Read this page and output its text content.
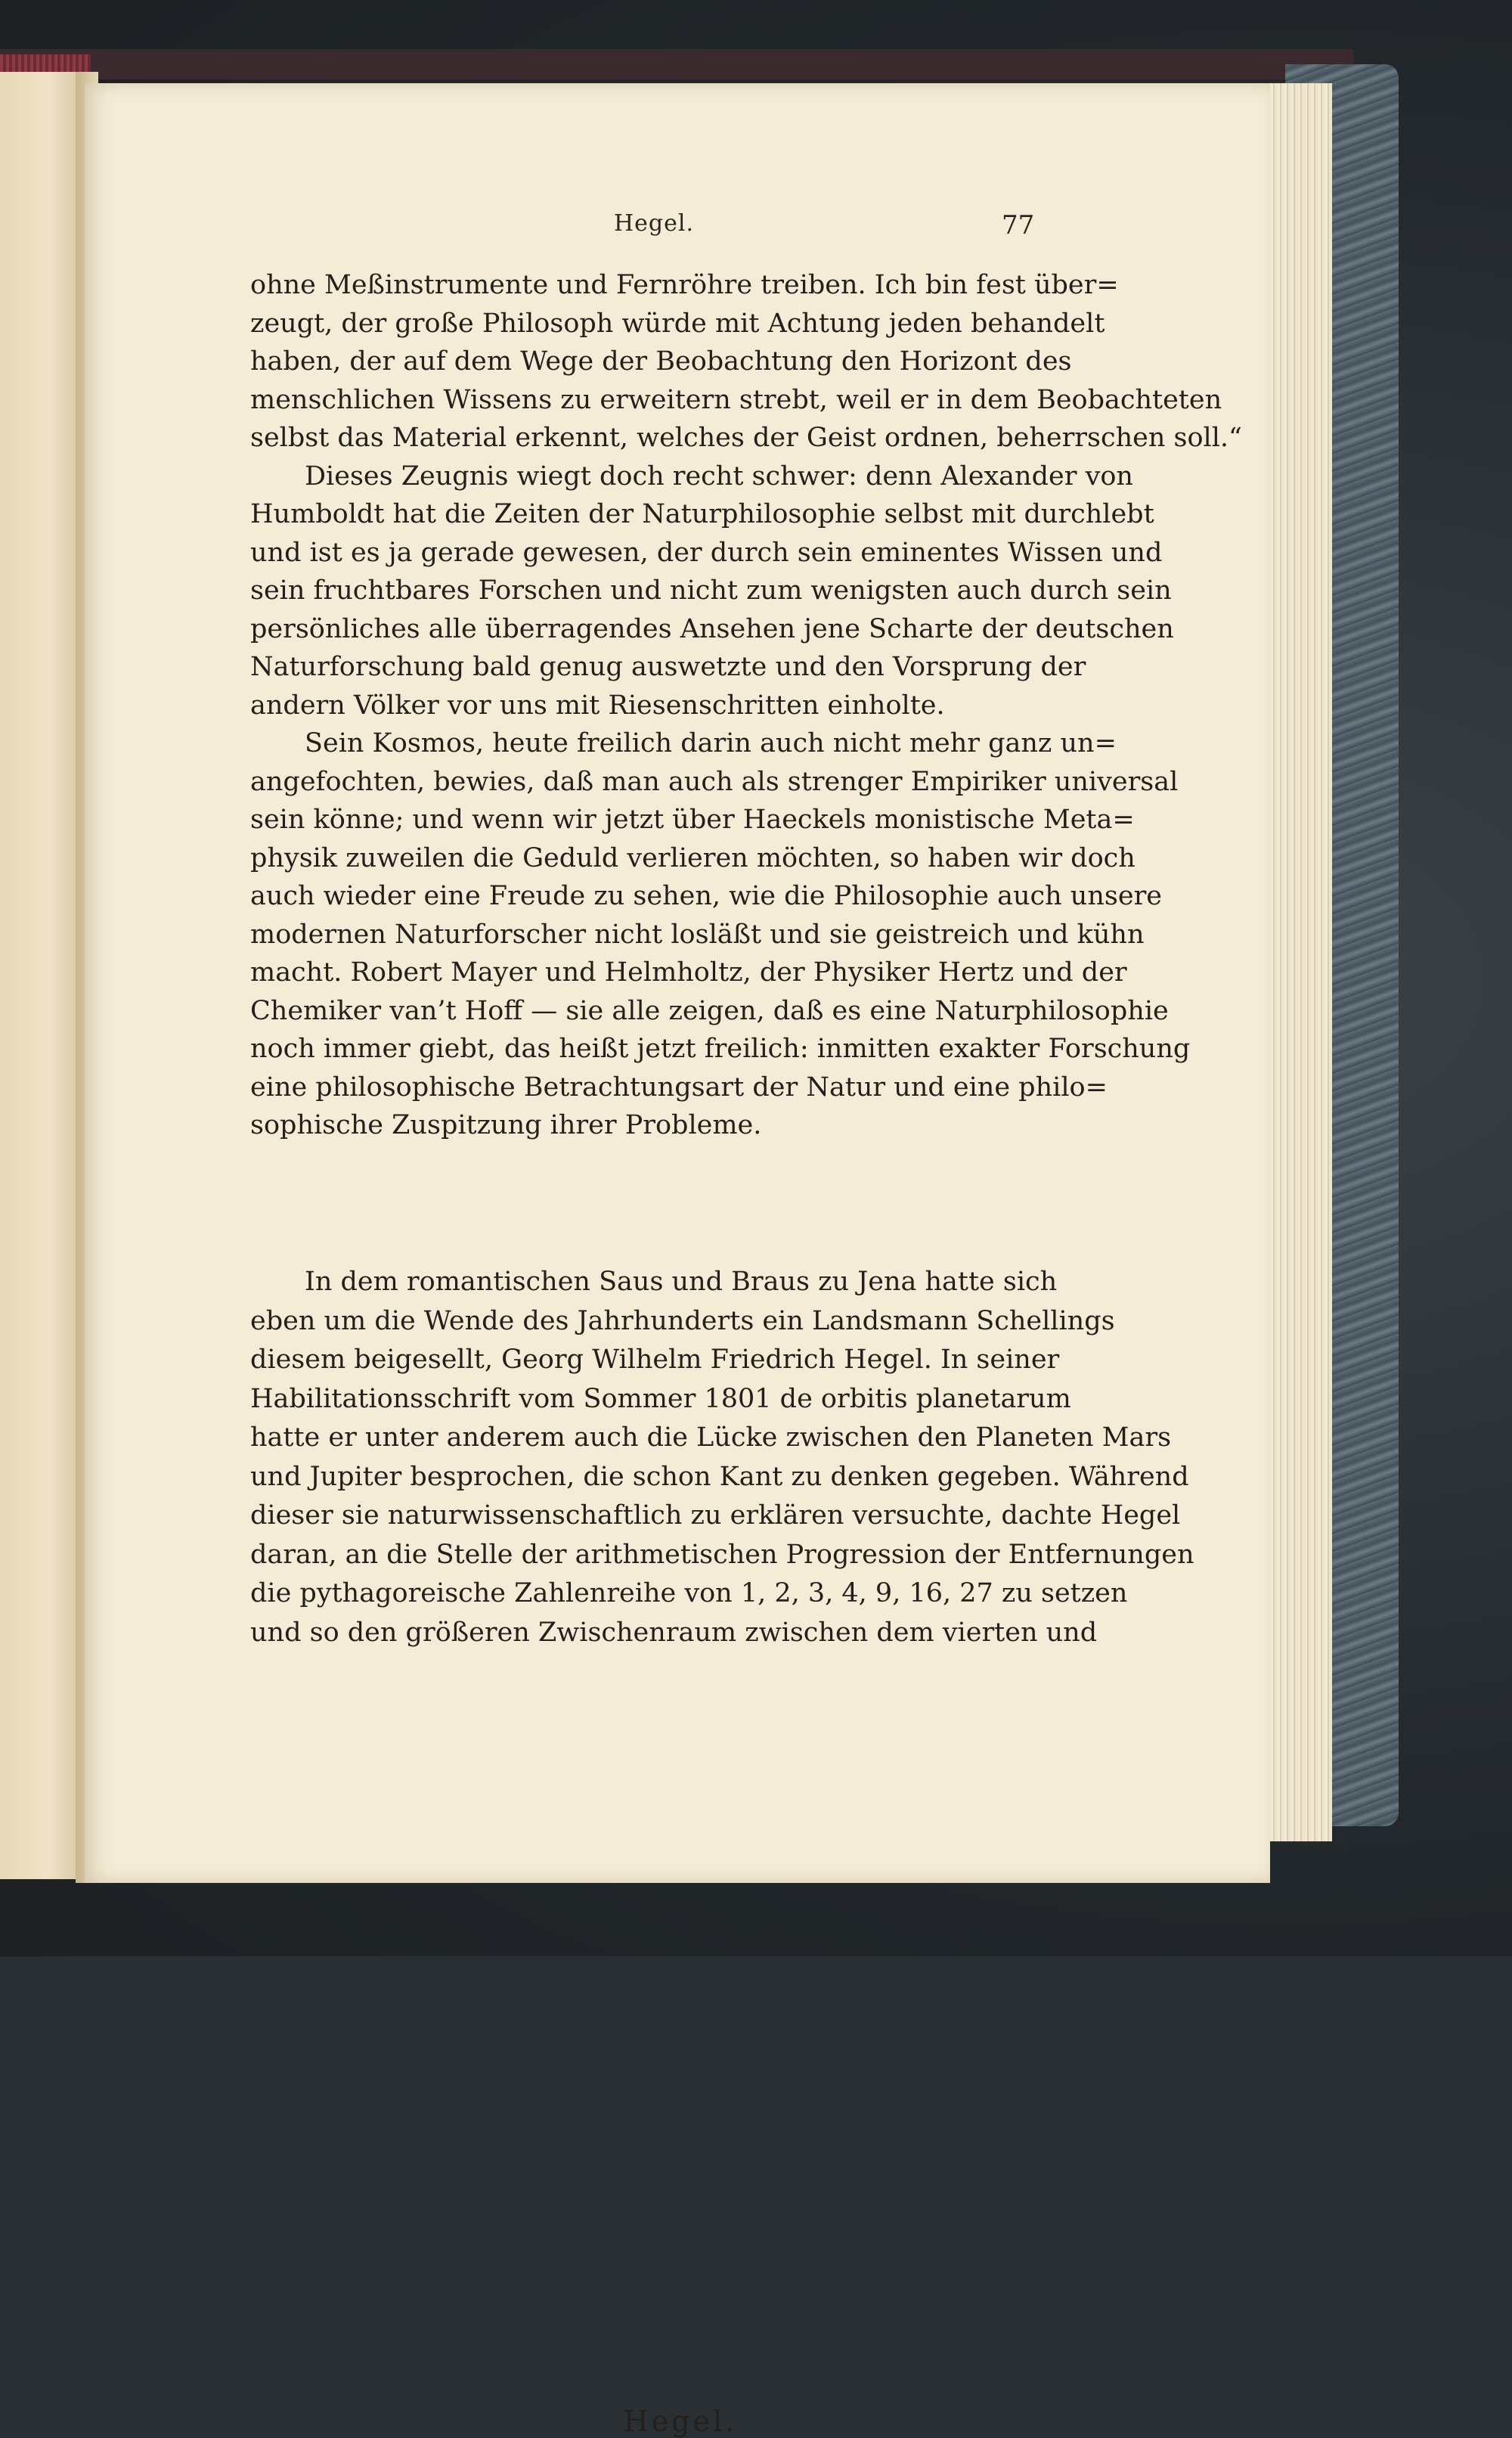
Hegel.	77
ohne Meßinstrumente und Fernröhre treiben. Ich bin fest über=
zeugt, der große Philosoph würde mit Achtung jeden behandelt
haben, der auf dem Wege der Beobachtung den Horizont des
menschlichen Wissens zu erweitern strebt, weil er in dem Beobachteten
selbst das Material erkennt, welches der Geist ordnen, beherrschen soll.“
Dieses Zeugnis wiegt doch recht schwer: denn Alexander von
Humboldt hat die Zeiten der Naturphilosophie selbst mit durchlebt
und ist es ja gerade gewesen, der durch sein eminentes Wissen und
sein fruchtbares Forschen und nicht zum wenigsten auch durch sein
persönliches alle überragendes Ansehen jene Scharte der deutschen
Naturforschung bald genug auswetzte und den Vorsprung der
andern Völker vor uns mit Riesenschritten einholte.
Sein Kosmos, heute freilich darin auch nicht mehr ganz un=
angefochten, bewies, daß man auch als strenger Empiriker universal
sein könne; und wenn wir jetzt über Haeckels monistische Meta=
physik zuweilen die Geduld verlieren möchten, so haben wir doch
auch wieder eine Freude zu sehen, wie die Philosophie auch unsere
modernen Naturforscher nicht losläßt und sie geistreich und kühn
macht. Robert Mayer und Helmholtz, der Physiker Hertz und der
Chemiker van’t Hoff — sie alle zeigen, daß es eine Naturphilosophie
noch immer giebt, das heißt jetzt freilich: inmitten exakter Forschung
eine philosophische Betrachtungsart der Natur und eine philo=
sophische Zuspitzung ihrer Probleme.
Hegel.
In dem romantischen Saus und Braus zu Jena hatte sich
eben um die Wende des Jahrhunderts ein Landsmann Schellings
diesem beigesellt, Georg Wilhelm Friedrich Hegel. In seiner
Habilitationsschrift vom Sommer 1801 de orbitis planetarum
hatte er unter anderem auch die Lücke zwischen den Planeten Mars
und Jupiter besprochen, die schon Kant zu denken gegeben. Während
dieser sie naturwissenschaftlich zu erklären versuchte, dachte Hegel
daran, an die Stelle der arithmetischen Progression der Entfernungen
die pythagoreische Zahlenreihe von 1, 2, 3, 4, 9, 16, 27 zu setzen
und so den größeren Zwischenraum zwischen dem vierten und
